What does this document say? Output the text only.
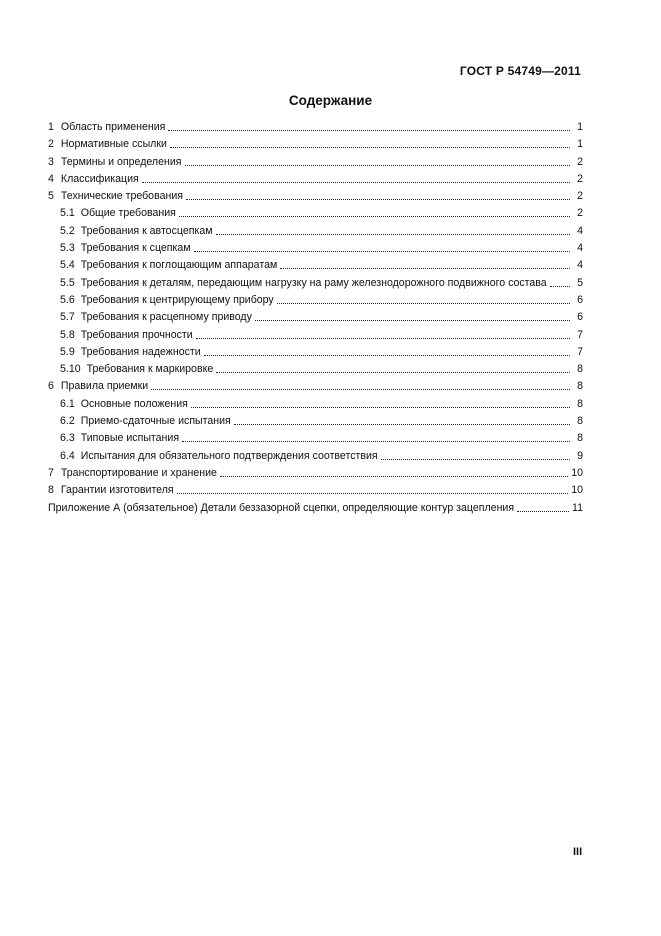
ГОСТ Р 54749—2011
Содержание
1 Область применения	1
2 Нормативные ссылки	1
3 Термины и определения	2
4 Классификация	2
5 Технические требования	2
5.1 Общие требования	2
5.2 Требования к автосцепкам	4
5.3 Требования к сцепкам	4
5.4 Требования к поглощающим аппаратам	4
5.5 Требования к деталям, передающим нагрузку на раму железнодорожного подвижного состава	5
5.6 Требования к центрирующему прибору	6
5.7 Требования к расцепному приводу	6
5.8 Требования прочности	7
5.9 Требования надежности	7
5.10 Требования к маркировке	8
6 Правила приемки	8
6.1 Основные положения	8
6.2 Приемо-сдаточные испытания	8
6.3 Типовые испытания	8
6.4 Испытания для обязательного подтверждения соответствия	9
7 Транспортирование и хранение	10
8 Гарантии изготовителя	10
Приложение А (обязательное) Детали беззазорной сцепки, определяющие контур зацепления	11
III
